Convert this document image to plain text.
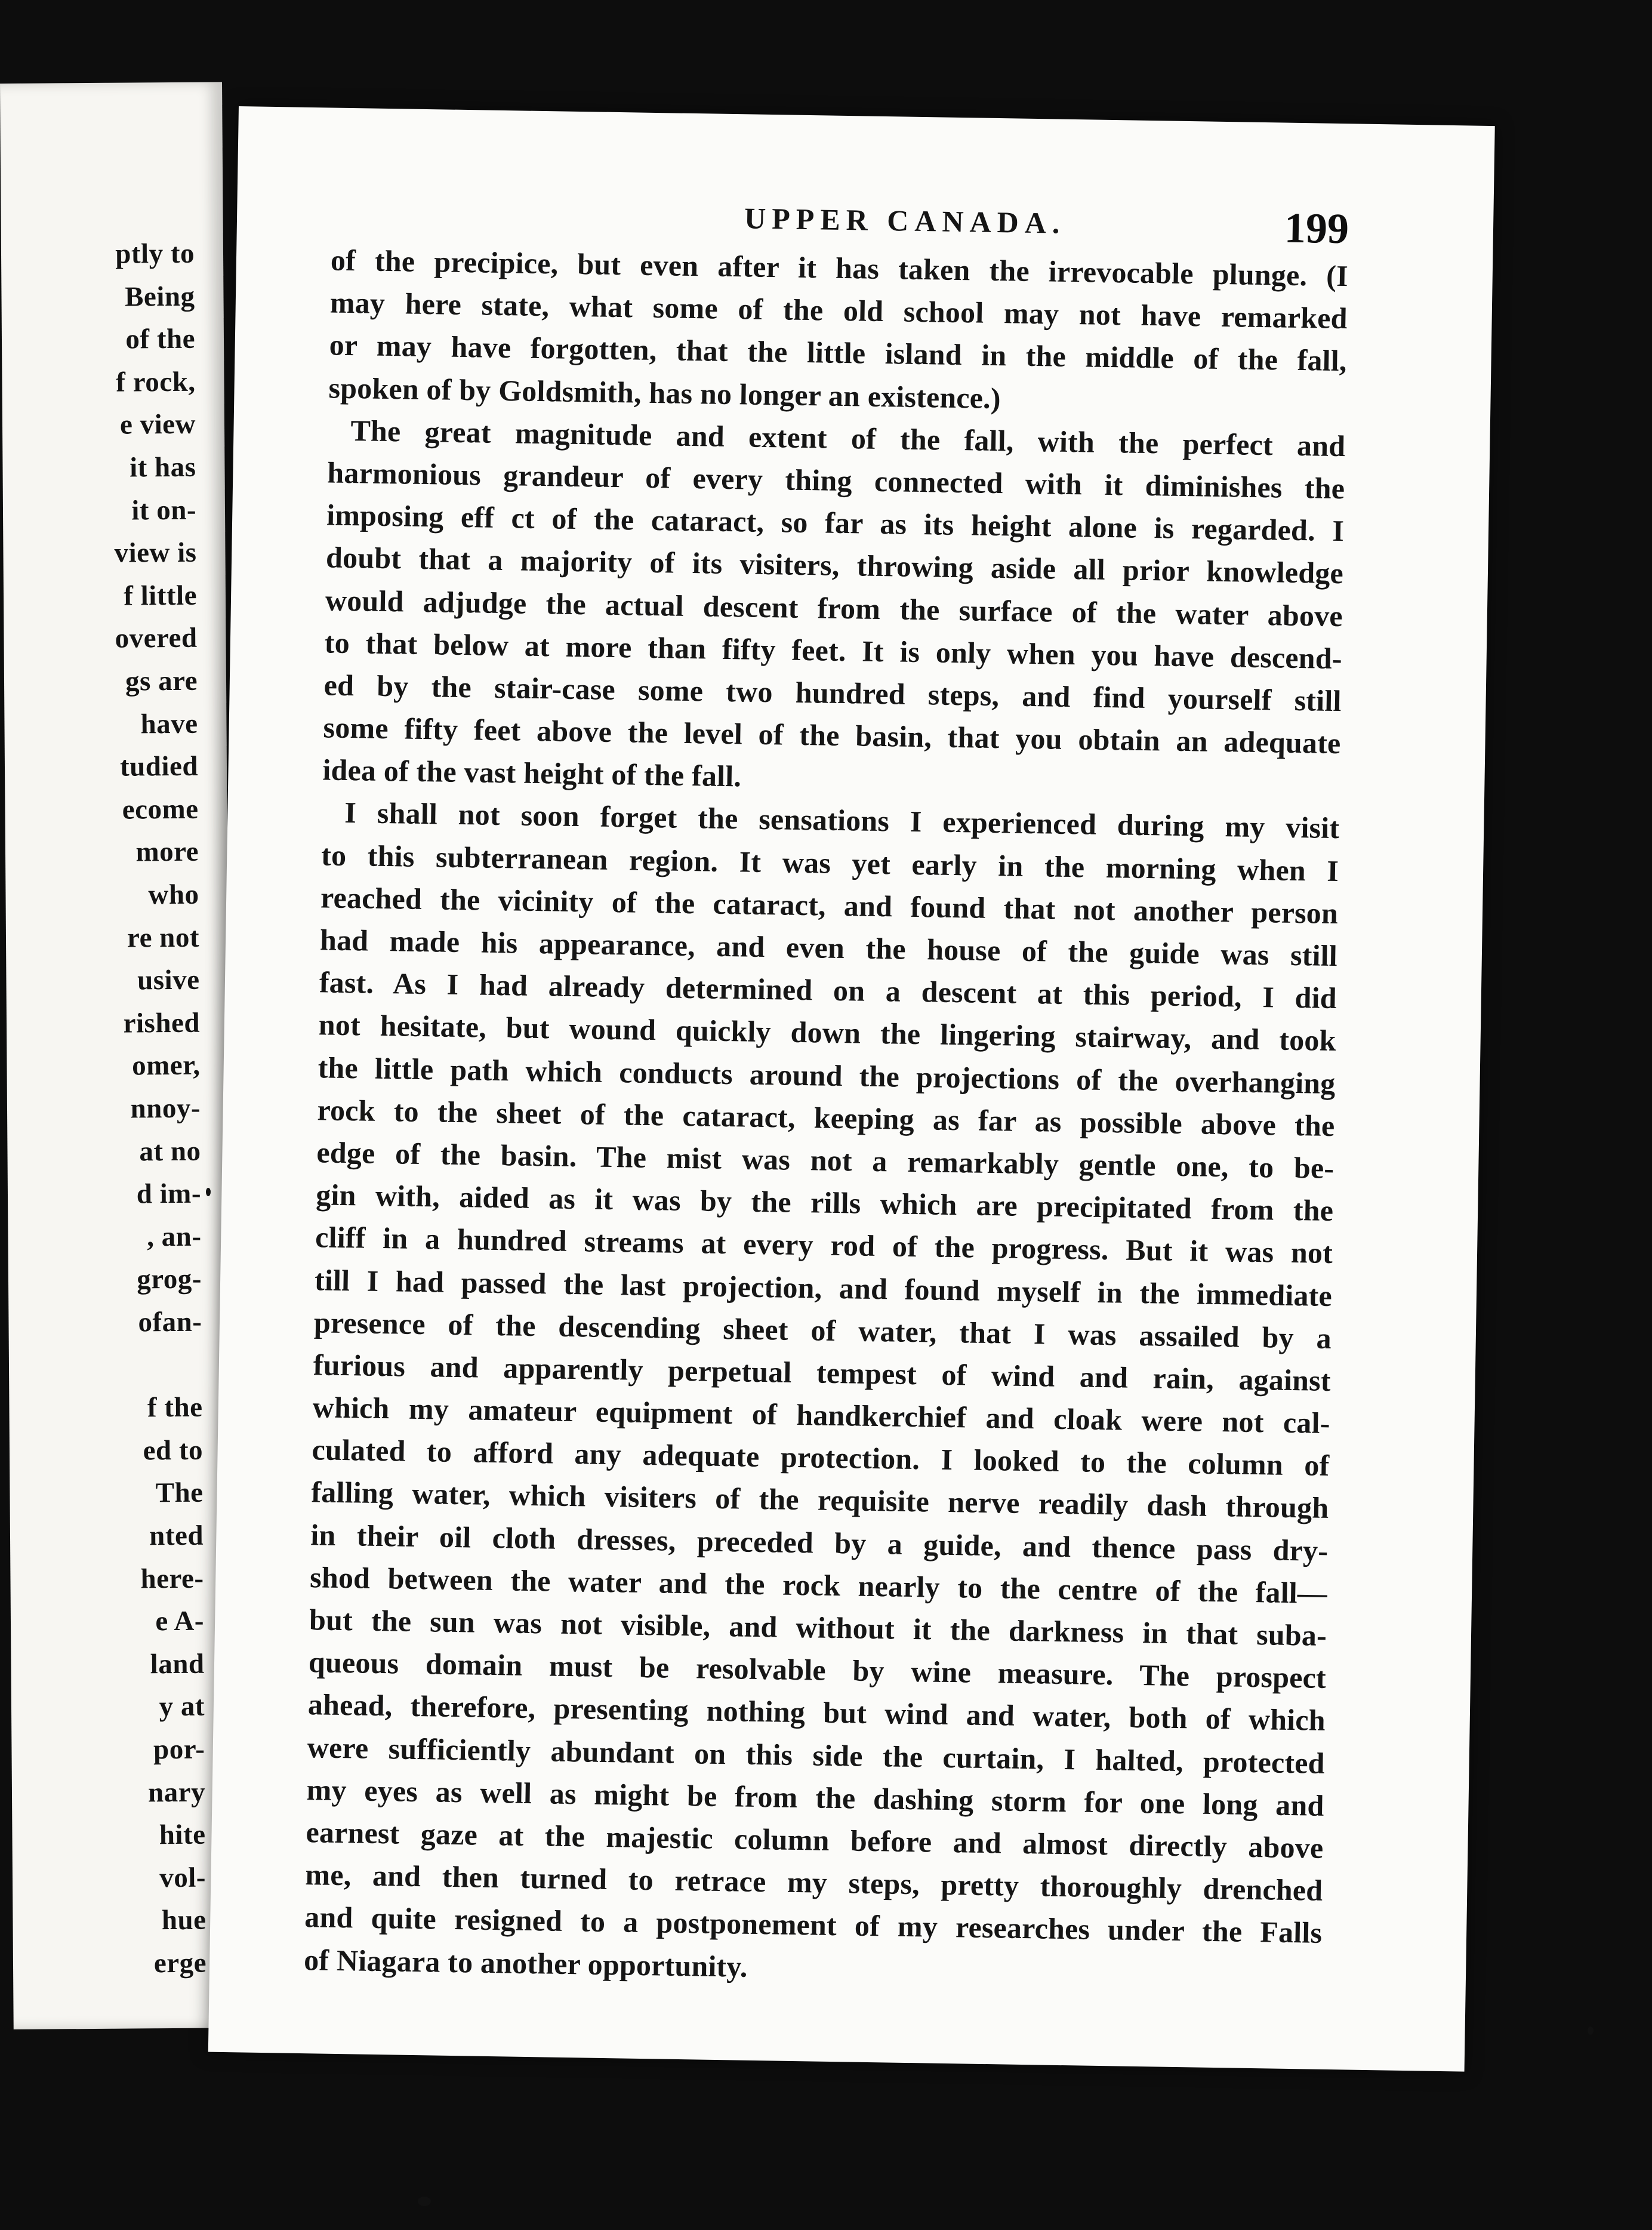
ptly to
Being
of the
f rock,
e view
it has
it on-
view is
f little
overed
gs are
have
tudied
ecome
more
who
re not
usive
rished
omer,
nnoy-
at no
d im-
, an-
grog-
ofan-
f the
ed to
The
nted
here-
e A-
land
y at
por-
nary
hite
vol-
hue
erge
UPPER CANADA.	199
of the precipice, but even after it has taken the irrevocable plunge. (I
may here state, what some of the old school may not have remarked
or may have forgotten, that the little island in the middle of the fall,
spoken of by Goldsmith, has no longer an existence.)
The great magnitude and extent of the fall, with the perfect and
harmonious grandeur of every thing connected with it diminishes the
imposing eff ct of the cataract, so far as its height alone is regarded. I
doubt that a majority of its visiters, throwing aside all prior knowledge
would adjudge the actual descent from the surface of the water above
to that below at more than fifty feet. It is only when you have descend-
ed by the stair-case some two hundred steps, and find yourself still
some fifty feet above the level of the basin, that you obtain an adequate
idea of the vast height of the fall.
I shall not soon forget the sensations I experienced during my visit
to this subterranean region. It was yet early in the morning when I
reached the vicinity of the cataract, and found that not another person
had made his appearance, and even the house of the guide was still
fast. As I had already determined on a descent at this period, I did
not hesitate, but wound quickly down the lingering stairway, and took
the little path which conducts around the projections of the overhanging
rock to the sheet of the cataract, keeping as far as possible above the
edge of the basin. The mist was not a remarkably gentle one, to be-
gin with, aided as it was by the rills which are precipitated from the
cliff in a hundred streams at every rod of the progress. But it was not
till I had passed the last projection, and found myself in the immediate
presence of the descending sheet of water, that I was assailed by a
furious and apparently perpetual tempest of wind and rain, against
which my amateur equipment of handkerchief and cloak were not cal-
culated to afford any adequate protection. I looked to the column of
falling water, which visiters of the requisite nerve readily dash through
in their oil cloth dresses, preceded by a guide, and thence pass dry-
shod between the water and the rock nearly to the centre of the fall—
but the sun was not visible, and without it the darkness in that suba-
queous domain must be resolvable by wine measure. The prospect
ahead, therefore, presenting nothing but wind and water, both of which
were sufficiently abundant on this side the curtain, I halted, protected
my eyes as well as might be from the dashing storm for one long and
earnest gaze at the majestic column before and almost directly above
me, and then turned to retrace my steps, pretty thoroughly drenched
and quite resigned to a postponement of my researches under the Falls
of Niagara to another opportunity.
